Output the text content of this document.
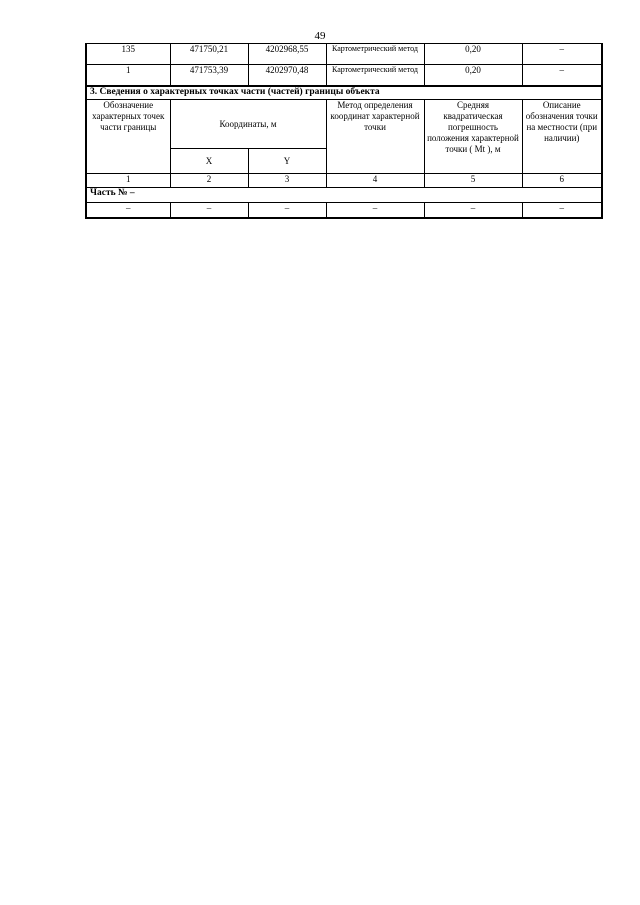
49
135	471750,21	4202968,55	Картометрический метод	0,20	–
1	471753,39	4202970,48	Картометрический метод	0,20	–
3. Сведения о характерных точках части (частей) границы объекта					
Обозначение характерных точек части границы	Координаты, м		Метод определения координат характерной точки	Средняя квадратическая погрешность положения характерной точки ( Mt ), м	Описание обозначения точки на местности (при наличии)
	X	Y			
1	2	3	4	5	6
Часть № –					
–	–	–	–	–	–
